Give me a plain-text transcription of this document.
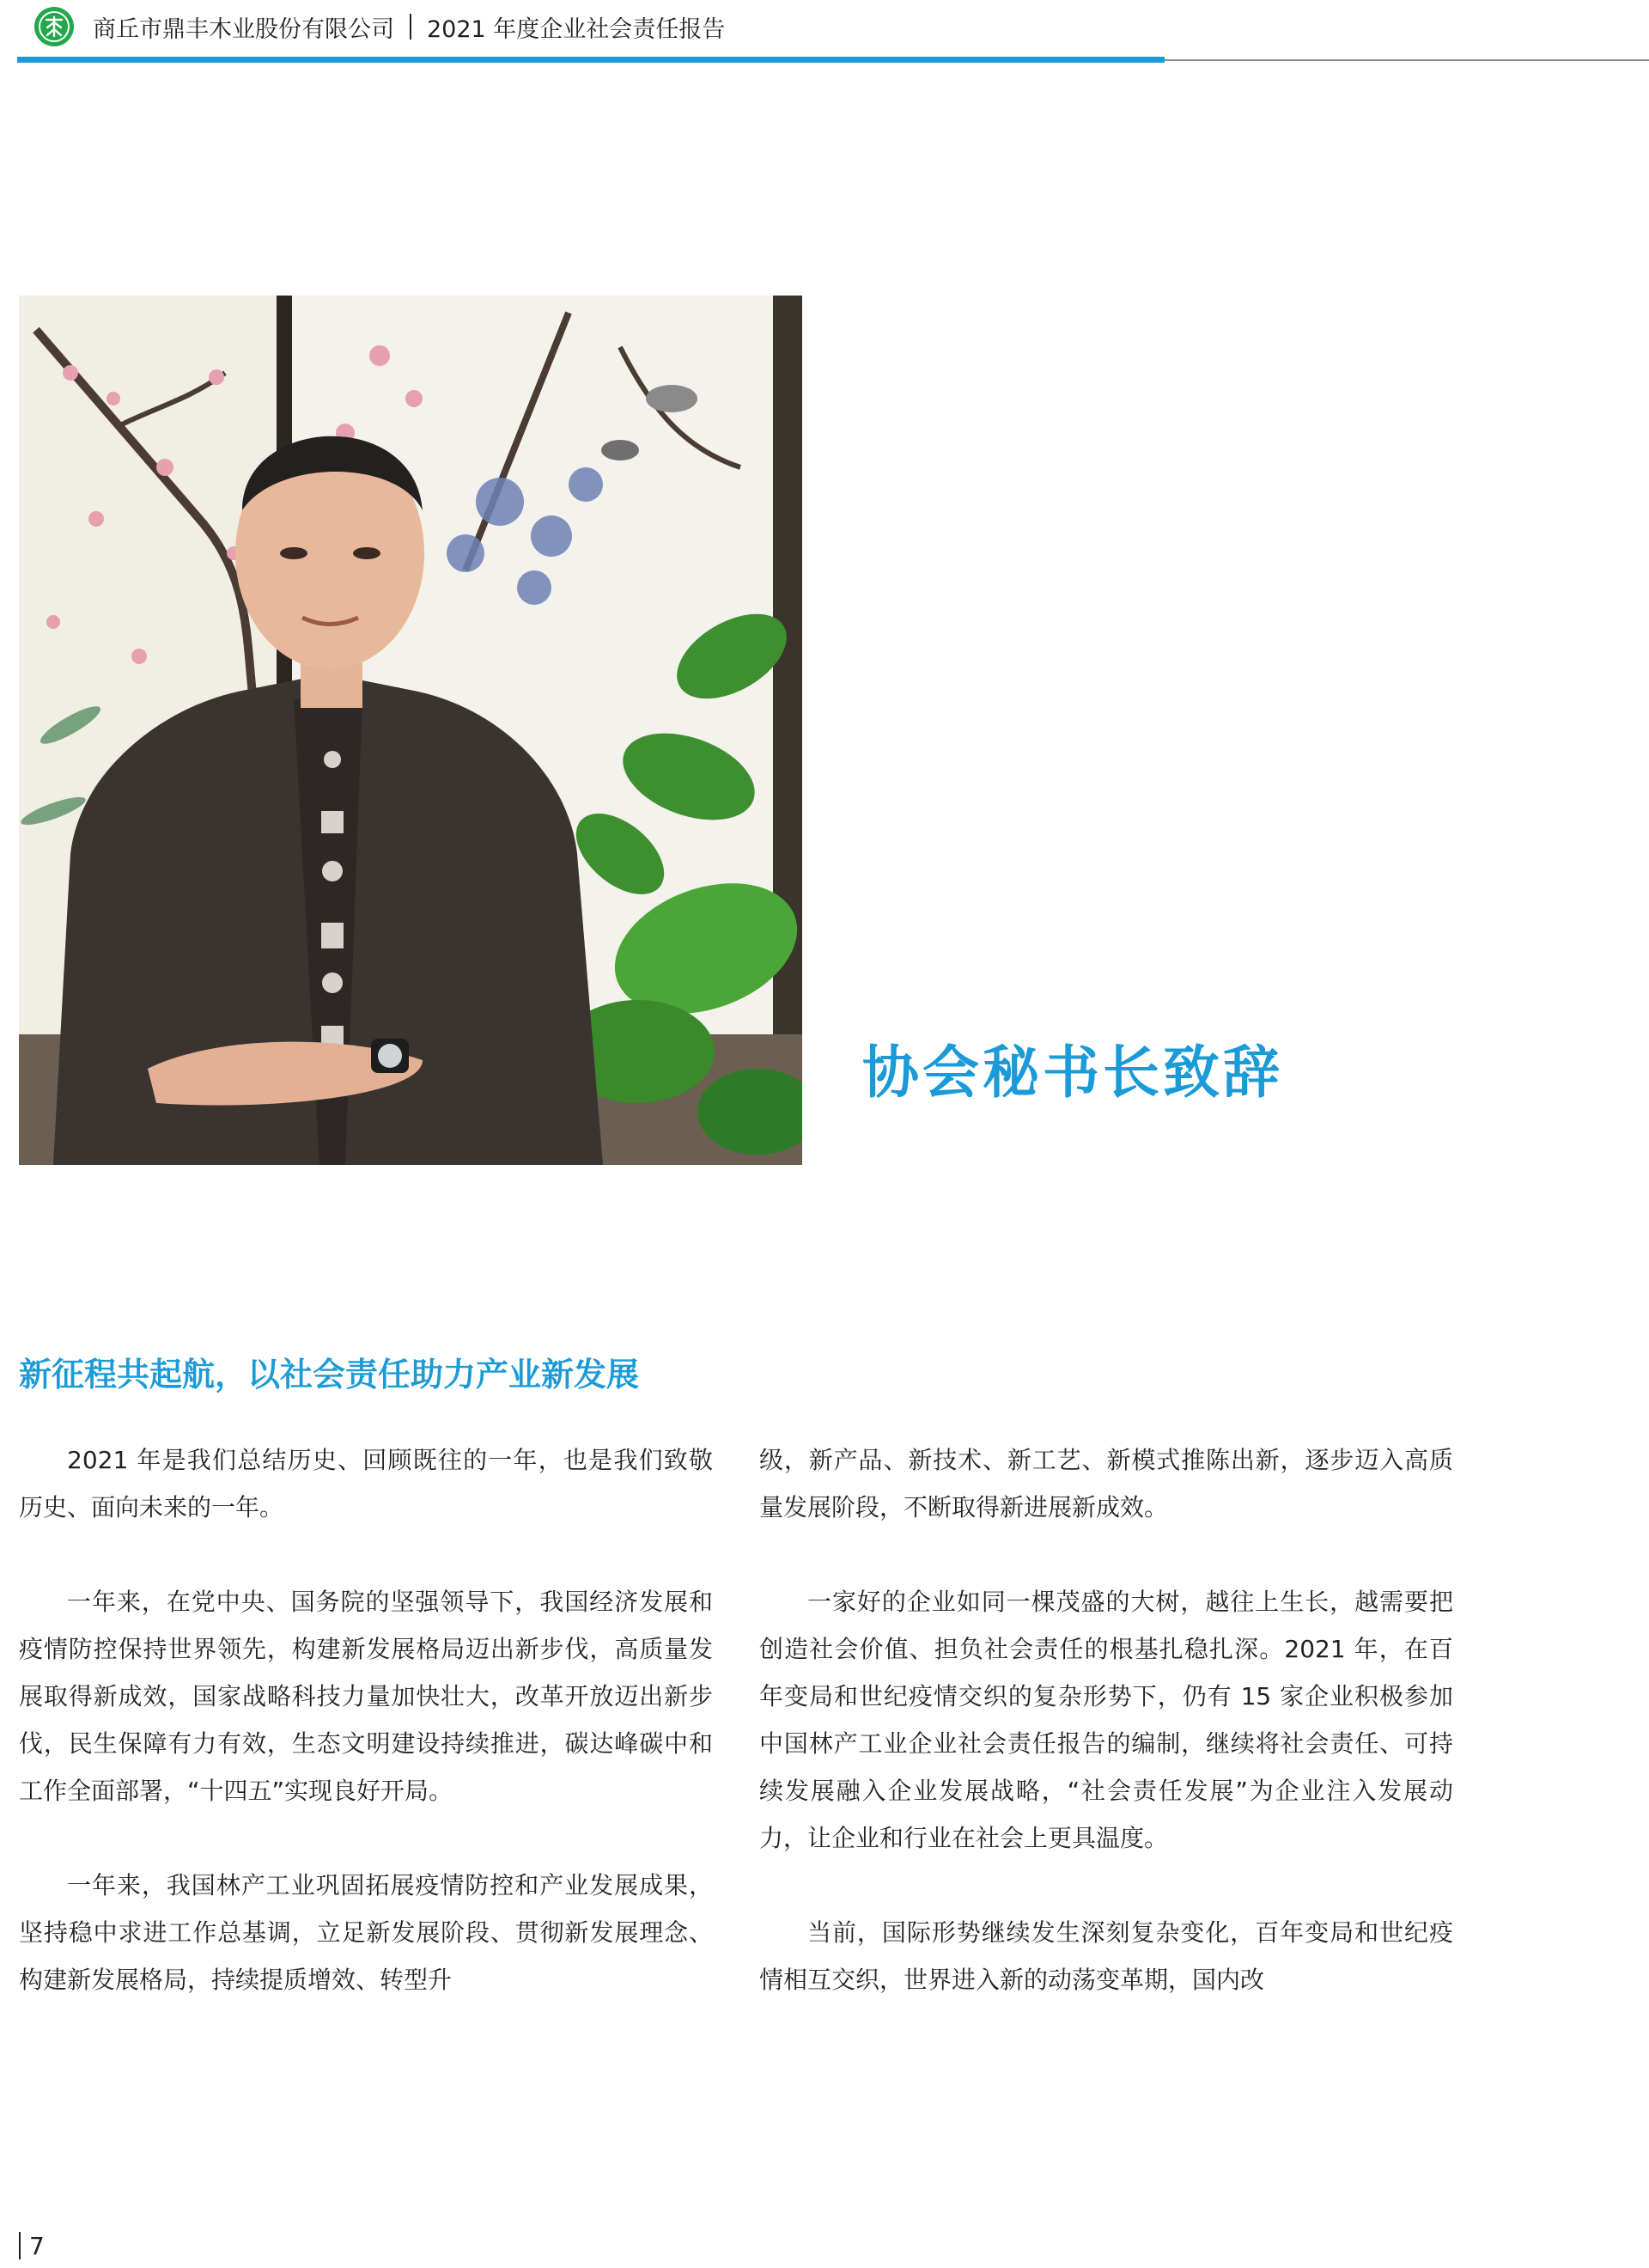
商丘市鼎丰木业股份有限公司 2021 年度企业社会责任报告
协会秘书长致辞
新征程共起航，以社会责任助力产业新发展

2021 年是我们总结历史、回顾既往的一年，也是我们致敬历史、面向未来的一年。

一年来，在党中央、国务院的坚强领导下，我国经济发展和疫情防控保持世界领先，构建新发展格局迈出新步伐，高质量发展取得新成效，国家战略科技力量加快壮大，改革开放迈出新步伐，民生保障有力有效，生态文明建设持续推进，碳达峰碳中和工作全面部署，“十四五”实现良好开局。

一年来，我国林产工业巩固拓展疫情防控和产业发展成果，坚持稳中求进工作总基调，立足新发展阶段、贯彻新发展理念、构建新发展格局，持续提质增效、转型升

级，新产品、新技术、新工艺、新模式推陈出新，逐步迈入高质量发展阶段，不断取得新进展新成效。

一家好的企业如同一棵茂盛的大树，越往上生长，越需要把创造社会价值、担负社会责任的根基扎稳扎深。2021 年，在百年变局和世纪疫情交织的复杂形势下，仍有 15 家企业积极参加中国林产工业企业社会责任报告的编制，继续将社会责任、可持续发展融入企业发展战略，“社会责任发展”为企业注入发展动力，让企业和行业在社会上更具温度。

当前，国际形势继续发生深刻复杂变化，百年变局和世纪疫情相互交织，世界进入新的动荡变革期，国内改

7
